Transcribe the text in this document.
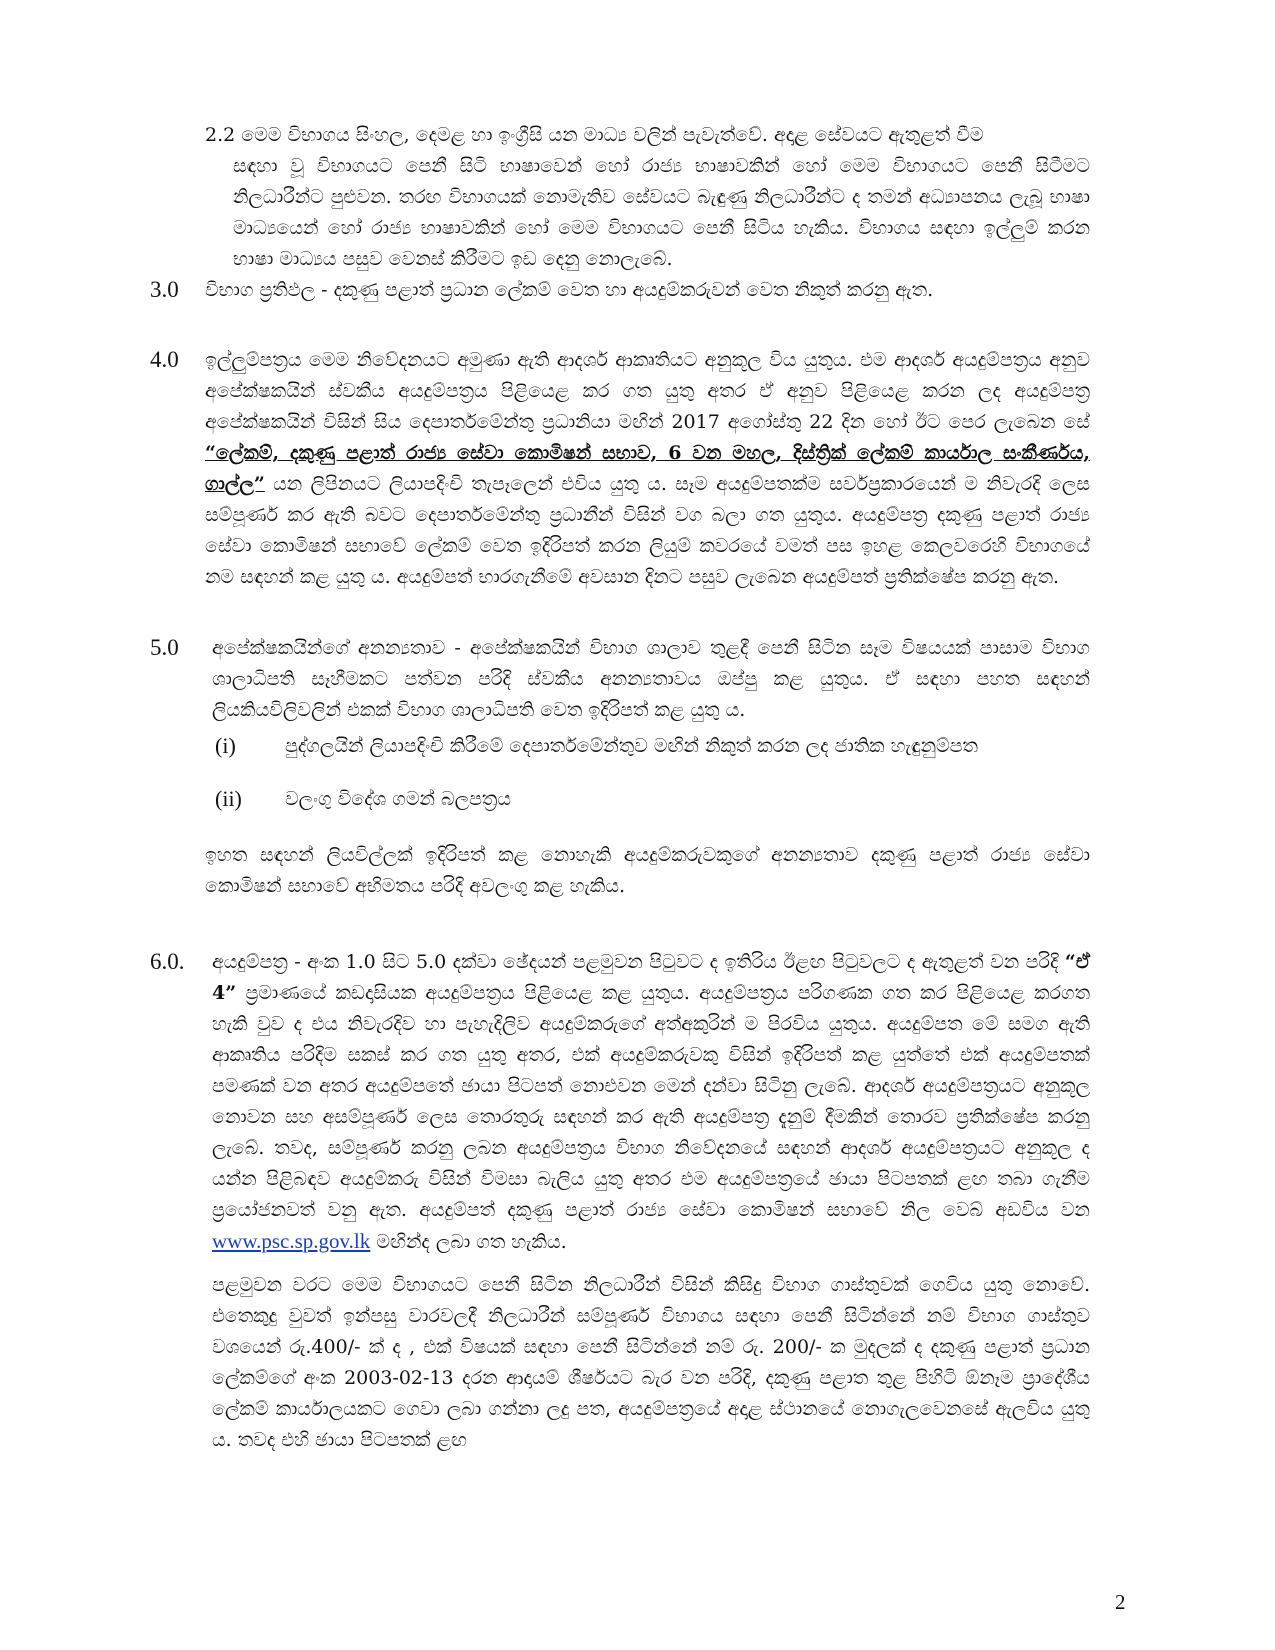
2.2 මෙම විභාගය සිංහල, දෙමළ හා ඉංග්‍රීසි යන මාධ්‍ය වලින් පැවැත්වේ. අදාළ සේවයට ඇතුළත් වීම

සඳහා වූ විභාගයට පෙනී සිටි භාෂාවෙන් හෝ රාජ්‍ය භාෂාවකින් හෝ මෙම විභාගයට පෙනී සිටීමට නිලධාරීන්ට පුළුවන. තරඟ විභාගයක් නොමැතිව සේවයට බැඳුණු නිලධාරීන්ට ද තමන් අධ්‍යාපනය ලැබූ භාෂා මාධ්‍යයෙන් හෝ රාජ්‍ය භාෂාවකින් හෝ මෙම විභාගයට පෙනී සිටිය හැකිය. විභාගය සඳහා ඉල්ලුම් කරන භාෂා මාධ්‍යය පසුව වෙනස් කිරීමට ඉඩ දෙනු නොලැබේ.

3.0 විභාග ප්‍රතිඵල - දකුණු පළාත් ප්‍රධාන ලේකම් වෙත හා අයදුම්කරුවන් වෙත නිකුත් කරනු ඇත.
4.0 ඉල්ලුම්පත්‍රය මෙම නිවේදනයට අමුණා ඇති ආදර්ශ ආකෘතියට අනුකූල විය යුතුය. එම ආදර්ශ අයදුම්පත්‍රය අනුව අපේක්ෂකයින් ස්වකීය අයදුම්පත්‍රය පිළියෙළ කර ගත යුතු අතර ඒ අනුව පිළියෙළ කරන ලද අයදුම්පත්‍ර අපේක්ෂකයින් විසින් සිය දෙපාර්තමේන්තු ප්‍රධානියා මඟින් 2017 අගෝස්තු 22 දින හෝ ඊට පෙර ලැබෙන සේ “ලේකම්, දකුණු පළාත් රාජ්‍ය සේවා කොමිෂන් සභාව, 6 වන මහල, දිස්ත්‍රික් ලේකම් කාර්යාල සංකීර්ණය, ගාල්ල” යන ලිපිනයට ලියාපදිංචි තැපෑලෙන් එවිය යුතු ය. සෑම අයදුම්පතක්ම සර්වප්‍රකාරයෙන් ම නිවැරදි ලෙස සම්පූර්ණ කර ඇති බවට දෙපාර්තමේන්තු ප්‍රධානීන් විසින් වග බලා ගත යුතුය. අයදුම්පත්‍ර දකුණු පළාත් රාජ්‍ය සේවා කොමිෂන් සභාවේ ලේකම් වෙත ඉදිරිපත් කරන ලියුම් කවරයේ වමත් පස ඉහළ කෙලවරෙහි විභාගයේ නම සඳහන් කළ යුතු ය. අයදුම්පත් භාරගැනීමේ අවසාන දිනට පසුව ලැබෙන අයදුම්පත් ප්‍රතික්ෂේප කරනු ඇත.

5.0 අපේක්ෂකයින්ගේ අනන්‍යතාව - අපේක්ෂකයින් විභාග ශාලාව තුළදී පෙනී සිටින සෑම විෂයයක් පාසාම විභාග ශාලාධිපති සෑහීමකට පත්වන පරිදි ස්වකීය අනන්‍යතාවය ඔප්පු කළ යුතුය. ඒ සඳහා පහත සඳහන් ලියකියවිලිවලින් එකක් විභාග ශාලාධිපති වෙත ඉදිරිපත් කළ යුතු ය.
(i)	පුද්ගලයින් ලියාපදිංචි කිරීමේ දෙපාර්තමේන්තුව මඟින් නිකුත් කරන ලද ජාතික හැඳුනුම්පත
(ii) වලංගු විදේශ ගමන් බලපත්‍රය
ඉහත සඳහන් ලියවිල්ලක් ඉදිරිපත් කළ නොහැකි අයදුම්කරුවකුගේ අනන්‍යතාව දකුණු පළාත් රාජ්‍ය සේවා කොමිෂන් සභාවේ අභිමතය පරිදි අවලංගු කළ හැකිය.
6.0. අයදුම්පත්‍ර - අංක 1.0 සිට 5.0 දක්වා ඡේදයන් පළමුවන පිටුවට ද ඉතිරිය ඊළඟ පිටුවලට ද ඇතුළත් වන පරිදි “ඒ 4” ප්‍රමාණයේ කඩදාසියක අයදුම්පත්‍රය පිළියෙළ කළ යුතුය. අයදුම්පත්‍රය පරිගණක ගත කර පිළියෙළ කරගත හැකි වුව ද එය නිවැරදිව හා පැහැදිලිව අයදුම්කරුගේ අත්අකුරින් ම පිරවිය යුතුය. අයදුම්පත මේ සමග ඇති ආකෘතිය පරිදිම සකස් කර ගත යුතු අතර, එක් අයදුම්කරුවකු විසින් ඉදිරිපත් කළ යුත්තේ එක් අයදුම්පතක් පමණක් වන අතර අයදුම්පතේ ඡායා පිටපත් නොඑවන මෙන් දන්වා සිටිනු ලැබේ. ආදර්ශ අයදුම්පත්‍රයට අනුකූල නොවන සහ අසම්පූර්ණ ලෙස තොරතුරු සඳහන් කර ඇති අයදුම්පත්‍ර දැනුම් දීමකින් තොරව ප්‍රතික්ෂේප කරනු ලැබේ. තවද, සම්පූර්ණ කරනු ලබන අයදුම්පත්‍රය විභාග නිවේදනයේ සඳහන් ආදර්ශ අයදුම්පත්‍රයට අනුකූල ද යන්න පිළිබඳව අයදුම්කරු විසින් විමසා බැලිය යුතු අතර එම අයදුම්පත්‍රයේ ඡායා පිටපතක් ළඟ තබා ගැනීම ප්‍රයෝජනවත් වනු ඇත. අයදුම්පත් දකුණු පළාත් රාජ්‍ය සේවා කොමිෂන් සභාවේ නිල වෙබ් අඩවිය වන www.psc.sp.gov.lk මඟින්ද ලබා ගත හැකිය.

පළමුවන වරට මෙම විභාගයට පෙනී සිටින නිලධාරීන් විසින් කිසිදු විභාග ගාස්තුවක් ගෙවිය යුතු නොවේ. එතෙකුදු වුවත් ඉන්පසු වාරවලදී නිලධාරීන් සම්පූර්ණ විභාගය සඳහා පෙනී සිටින්නේ නම් විභාග ගාස්තුව වශයෙන් රු.400/- ක් ද , එක් විෂයක් සඳහා පෙනී සිටින්නේ නම් රු. 200/- ක මුදලක් ද දකුණු පළාත් ප්‍රධාන ලේකම්ගේ අංක 2003-02-13 දරන ආදායම් ශීර්ෂයට බැර වන පරිදි, දකුණු පළාත තුළ පිහිටි ඕනෑම ප්‍රාදේශීය ලේකම් කාර්යාලයකට ගෙවා ලබා ගන්නා ලදු පත, අයදුම්පත්‍රයේ අදාළ ස්ථානයේ නොගැලවෙනසේ ඇලවිය යුතු ය. තවද එහි ඡායා පිටපතක් ළඟ
2
